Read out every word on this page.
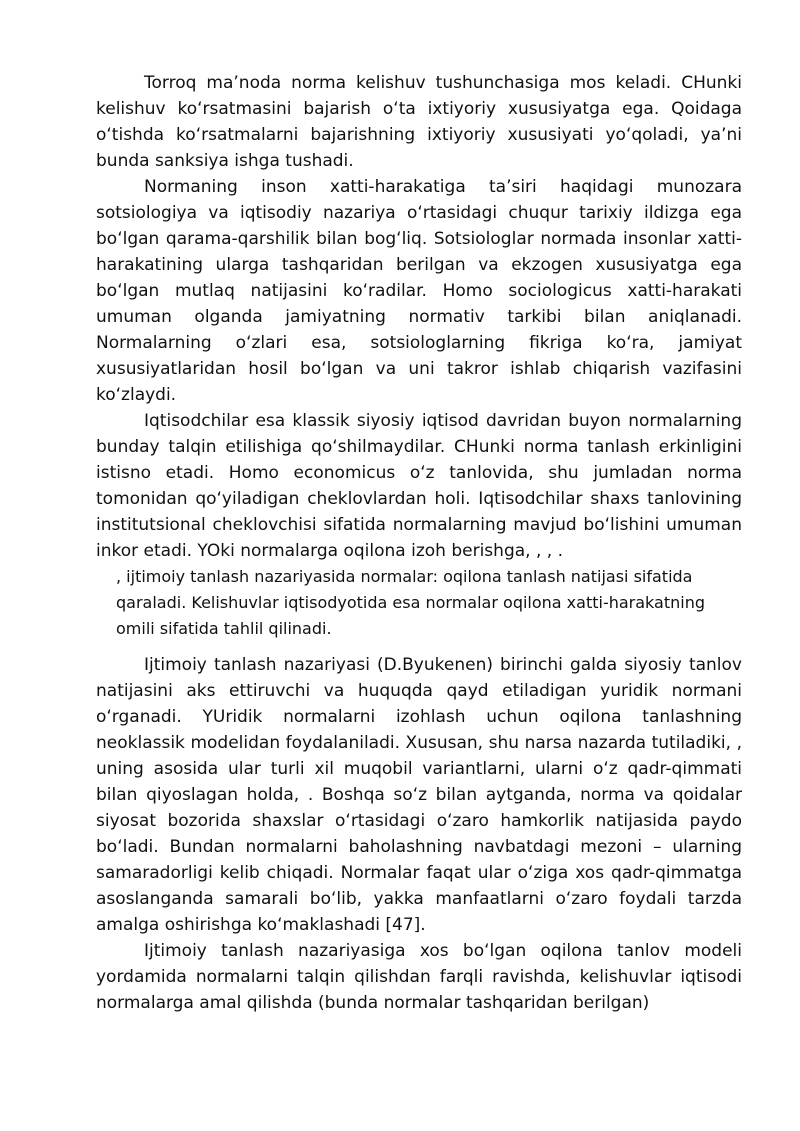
Torroq ma’noda norma kelishuv tushunchasiga mos keladi. CHunki kelishuv koʻrsatmasini bajarish oʻta ixtiyoriy xususiyatga ega. Qoidaga oʻtishda koʻrsatmalarni bajarishning ixtiyoriy xususiyati yoʻqoladi, ya’ni bunda sanksiya ishga tushadi.

Normaning inson xatti-harakatiga ta’siri haqidagi munozara sotsiologiya va iqtisodiy nazariya oʻrtasidagi chuqur tarixiy ildizga ega boʻlgan qarama-qarshilik bilan bogʻliq. Sotsiologlar normada insonlar xatti-harakatining ularga tashqaridan berilgan va ekzogen xususiyatga ega boʻlgan mutlaq natijasini koʻradilar. Homo sociologicus xatti-harakati umuman olganda jamiyatning normativ tarkibi bilan aniqlanadi. Normalarning oʻzlari esa, sotsiologlarning fikriga koʻra, jamiyat xususiyatlaridan hosil boʻlgan va uni takror ishlab chiqarish vazifasini koʻzlaydi.

Iqtisodchilar esa klassik siyosiy iqtisod davridan buyon normalarning bunday talqin etilishiga qoʻshilmaydilar. CHunki norma tanlash erkinligini istisno etadi. Homo economicus oʻz tanlovida, shu jumladan norma tomonidan qoʻyiladigan cheklovlardan holi. Iqtisodchilar shaxs tanlovining institutsional cheklovchisi sifatida normalarning mavjud boʻlishini umuman inkor etadi. YOki normalarga oqilona izoh berishga, , , .

, ijtimoiy tanlash nazariyasida normalar: oqilona tanlash natijasi sifatida qaraladi. Kelishuvlar iqtisodyotida esa normalar oqilona xatti-harakatning omili sifatida tahlil qilinadi.

Ijtimoiy tanlash nazariyasi (D.Byukenen) birinchi galda siyosiy tanlov natijasini aks ettiruvchi va huquqda qayd etiladigan yuridik normani oʻrganadi. YUridik normalarni izohlash uchun oqilona tanlashning neoklassik modelidan foydalaniladi. Xususan, shu narsa nazarda tutiladiki, , uning asosida ular turli xil muqobil variantlarni, ularni oʻz qadr-qimmati bilan qiyoslagan holda, . Boshqa soʻz bilan aytganda, norma va qoidalar siyosat bozorida shaxslar oʻrtasidagi oʻzaro hamkorlik natijasida paydo boʻladi. Bundan normalarni baholashning navbatdagi mezoni – ularning samaradorligi kelib chiqadi. Normalar faqat ular oʻziga xos qadr-qimmatga asoslanganda samarali boʻlib, yakka manfaatlarni oʻzaro foydali tarzda amalga oshirishga koʻmaklashadi [47].

Ijtimoiy tanlash nazariyasiga xos boʻlgan oqilona tanlov modeli yordamida normalarni talqin qilishdan farqli ravishda, kelishuvlar iqtisodi normalarga amal qilishda (bunda normalar tashqaridan berilgan)
